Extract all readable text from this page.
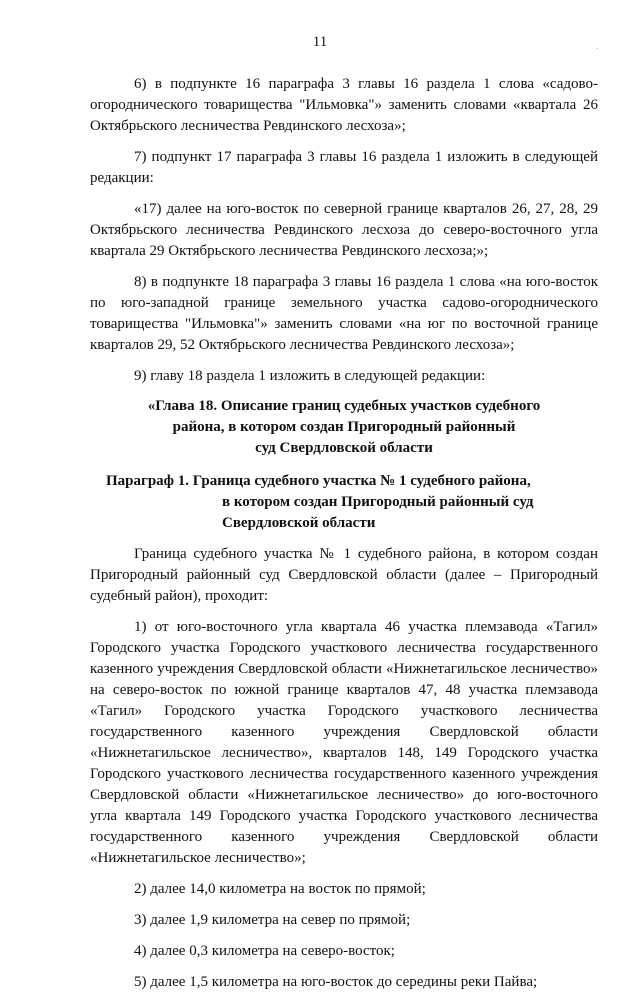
11	·

6) в подпункте 16 параграфа 3 главы 16 раздела 1 слова «садово-огороднического товарищества "Ильмовка"» заменить словами «квартала 26 Октябрьского лесничества Ревдинского лесхоза»;

7) подпункт 17 параграфа 3 главы 16 раздела 1 изложить в следующей редакции:

«17) далее на юго-восток по северной границе кварталов 26, 27, 28, 29 Октябрьского лесничества Ревдинского лесхоза до северо-восточного угла квартала 29 Октябрьского лесничества Ревдинского лесхоза;»;

8) в подпункте 18 параграфа 3 главы 16 раздела 1 слова «на юго-восток по юго-западной границе земельного участка садово-огороднического товарищества "Ильмовка"» заменить словами «на юг по восточной границе кварталов 29, 52 Октябрьского лесничества Ревдинского лесхоза»;

9) главу 18 раздела 1 изложить в следующей редакции:

«Глава 18. Описание границ судебных участков судебного
района, в котором создан Пригородный районный
суд Свердловской области
Параграф 1. Граница судебного участка № 1 судебного района,
в котором создан Пригородный районный суд
Свердловской области

Граница судебного участка № 1 судебного района, в котором создан Пригородный районный суд Свердловской области (далее – Пригородный судебный район), проходит:

1) от юго-восточного угла квартала 46 участка племзавода «Тагил» Городского участка Городского участкового лесничества государственного казенного учреждения Свердловской области «Нижнетагильское лесничество» на северо-восток по южной границе кварталов 47, 48 участка племзавода «Тагил» Городского участка Городского участкового лесничества государственного казенного учреждения Свердловской области «Нижнетагильское лесничество», кварталов 148, 149 Городского участка Городского участкового лесничества государственного казенного учреждения Свердловской области «Нижнетагильское лесничество» до юго-восточного угла квартала 149 Городского участка Городского участкового лесничества государственного казенного учреждения Свердловской области «Нижнетагильское лесничество»;

2) далее 14,0 километра на восток по прямой;

3) далее 1,9 километра на север по прямой;

4) далее 0,3 километра на северо-восток;

5) далее 1,5 километра на юго-восток до середины реки Пайва;
